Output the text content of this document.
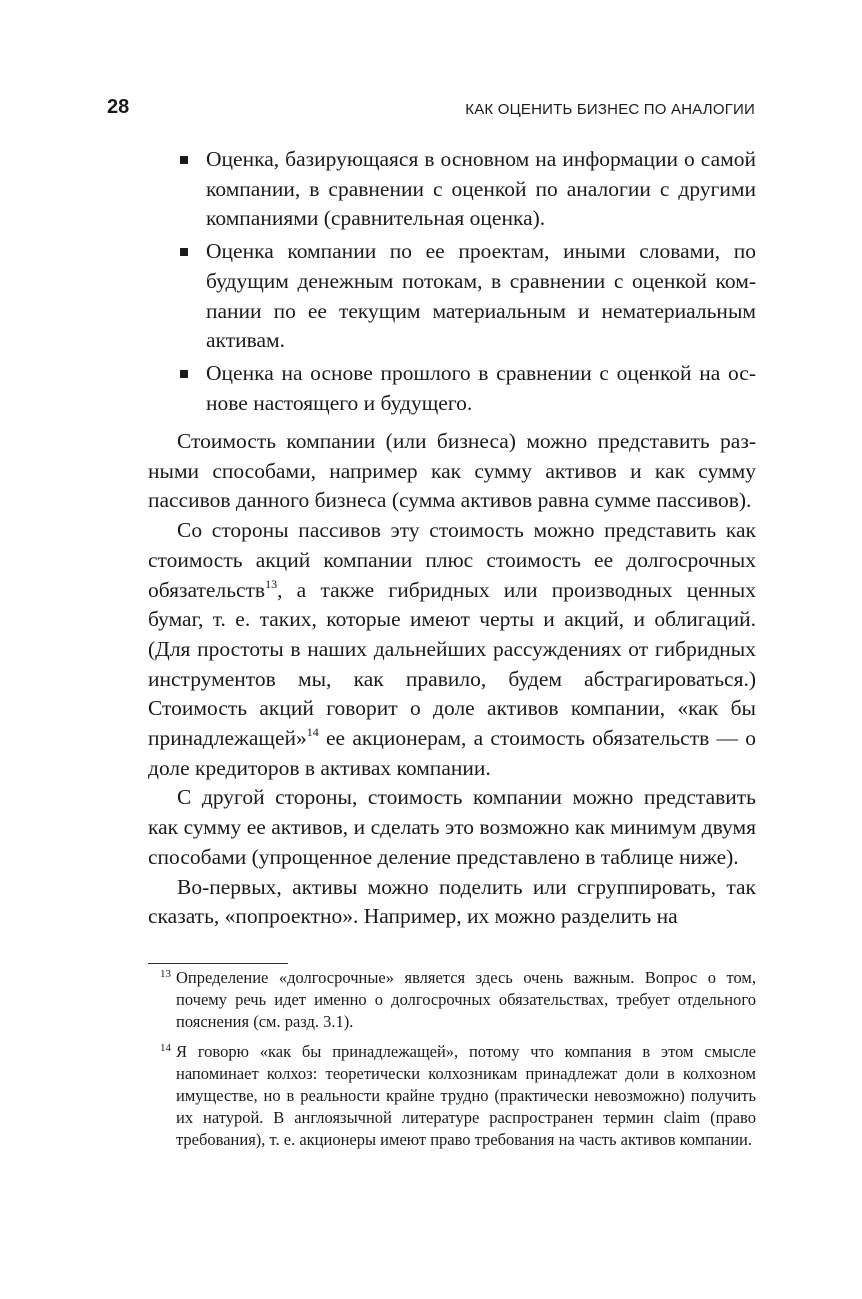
28	КАК ОЦЕНИТЬ БИЗНЕС ПО АНАЛОГИИ
Оценка, базирующаяся в основном на информации о самой компании, в сравнении с оценкой по аналогии с другими компаниями (сравнительная оценка).
Оценка компании по ее проектам, иными словами, по будущим денежным потокам, в сравнении с оценкой компании по ее текущим материальным и нематериальным активам.
Оценка на основе прошлого в сравнении с оценкой на основе настоящего и будущего.

Стоимость компании (или бизнеса) можно представить разными способами, например как сумму активов и как сумму пассивов данного бизнеса (сумма активов равна сумме пассивов).

Со стороны пассивов эту стоимость можно представить как стоимость акций компании плюс стоимость ее долгосрочных обязательств$^{13}$, а также гибридных или производных ценных бумаг, т. е. таких, которые имеют черты и акций, и облигаций. (Для простоты в наших дальнейших рассуждениях от гибридных инструментов мы, как правило, будем абстрагироваться.) Стоимость акций говорит о доле активов компании, «как бы принадлежащей»$^{14}$ ее акционерам, а стоимость обязательств — о доле кредиторов в активах компании.

С другой стороны, стоимость компании можно представить как сумму ее активов, и сделать это возможно как минимум двумя способами (упрощенное деление представлено в таблице ниже).

Во-первых, активы можно поделить или сгруппировать, так сказать, «попроектно». Например, их можно разделить на

13 Определение «долгосрочные» является здесь очень важным. Вопрос о том, почему речь идет именно о долгосрочных обязательствах, требует отдельного пояснения (см. разд. 3.1).
14 Я говорю «как бы принадлежащей», потому что компания в этом смысле напоминает колхоз: теоретически колхозникам принадлежат доли в колхозном имуществе, но в реальности крайне трудно (практически невозможно) получить их натурой. В англоязычной литературе распространен термин claim (право требования), т. е. акционеры имеют право требования на часть активов компании.
